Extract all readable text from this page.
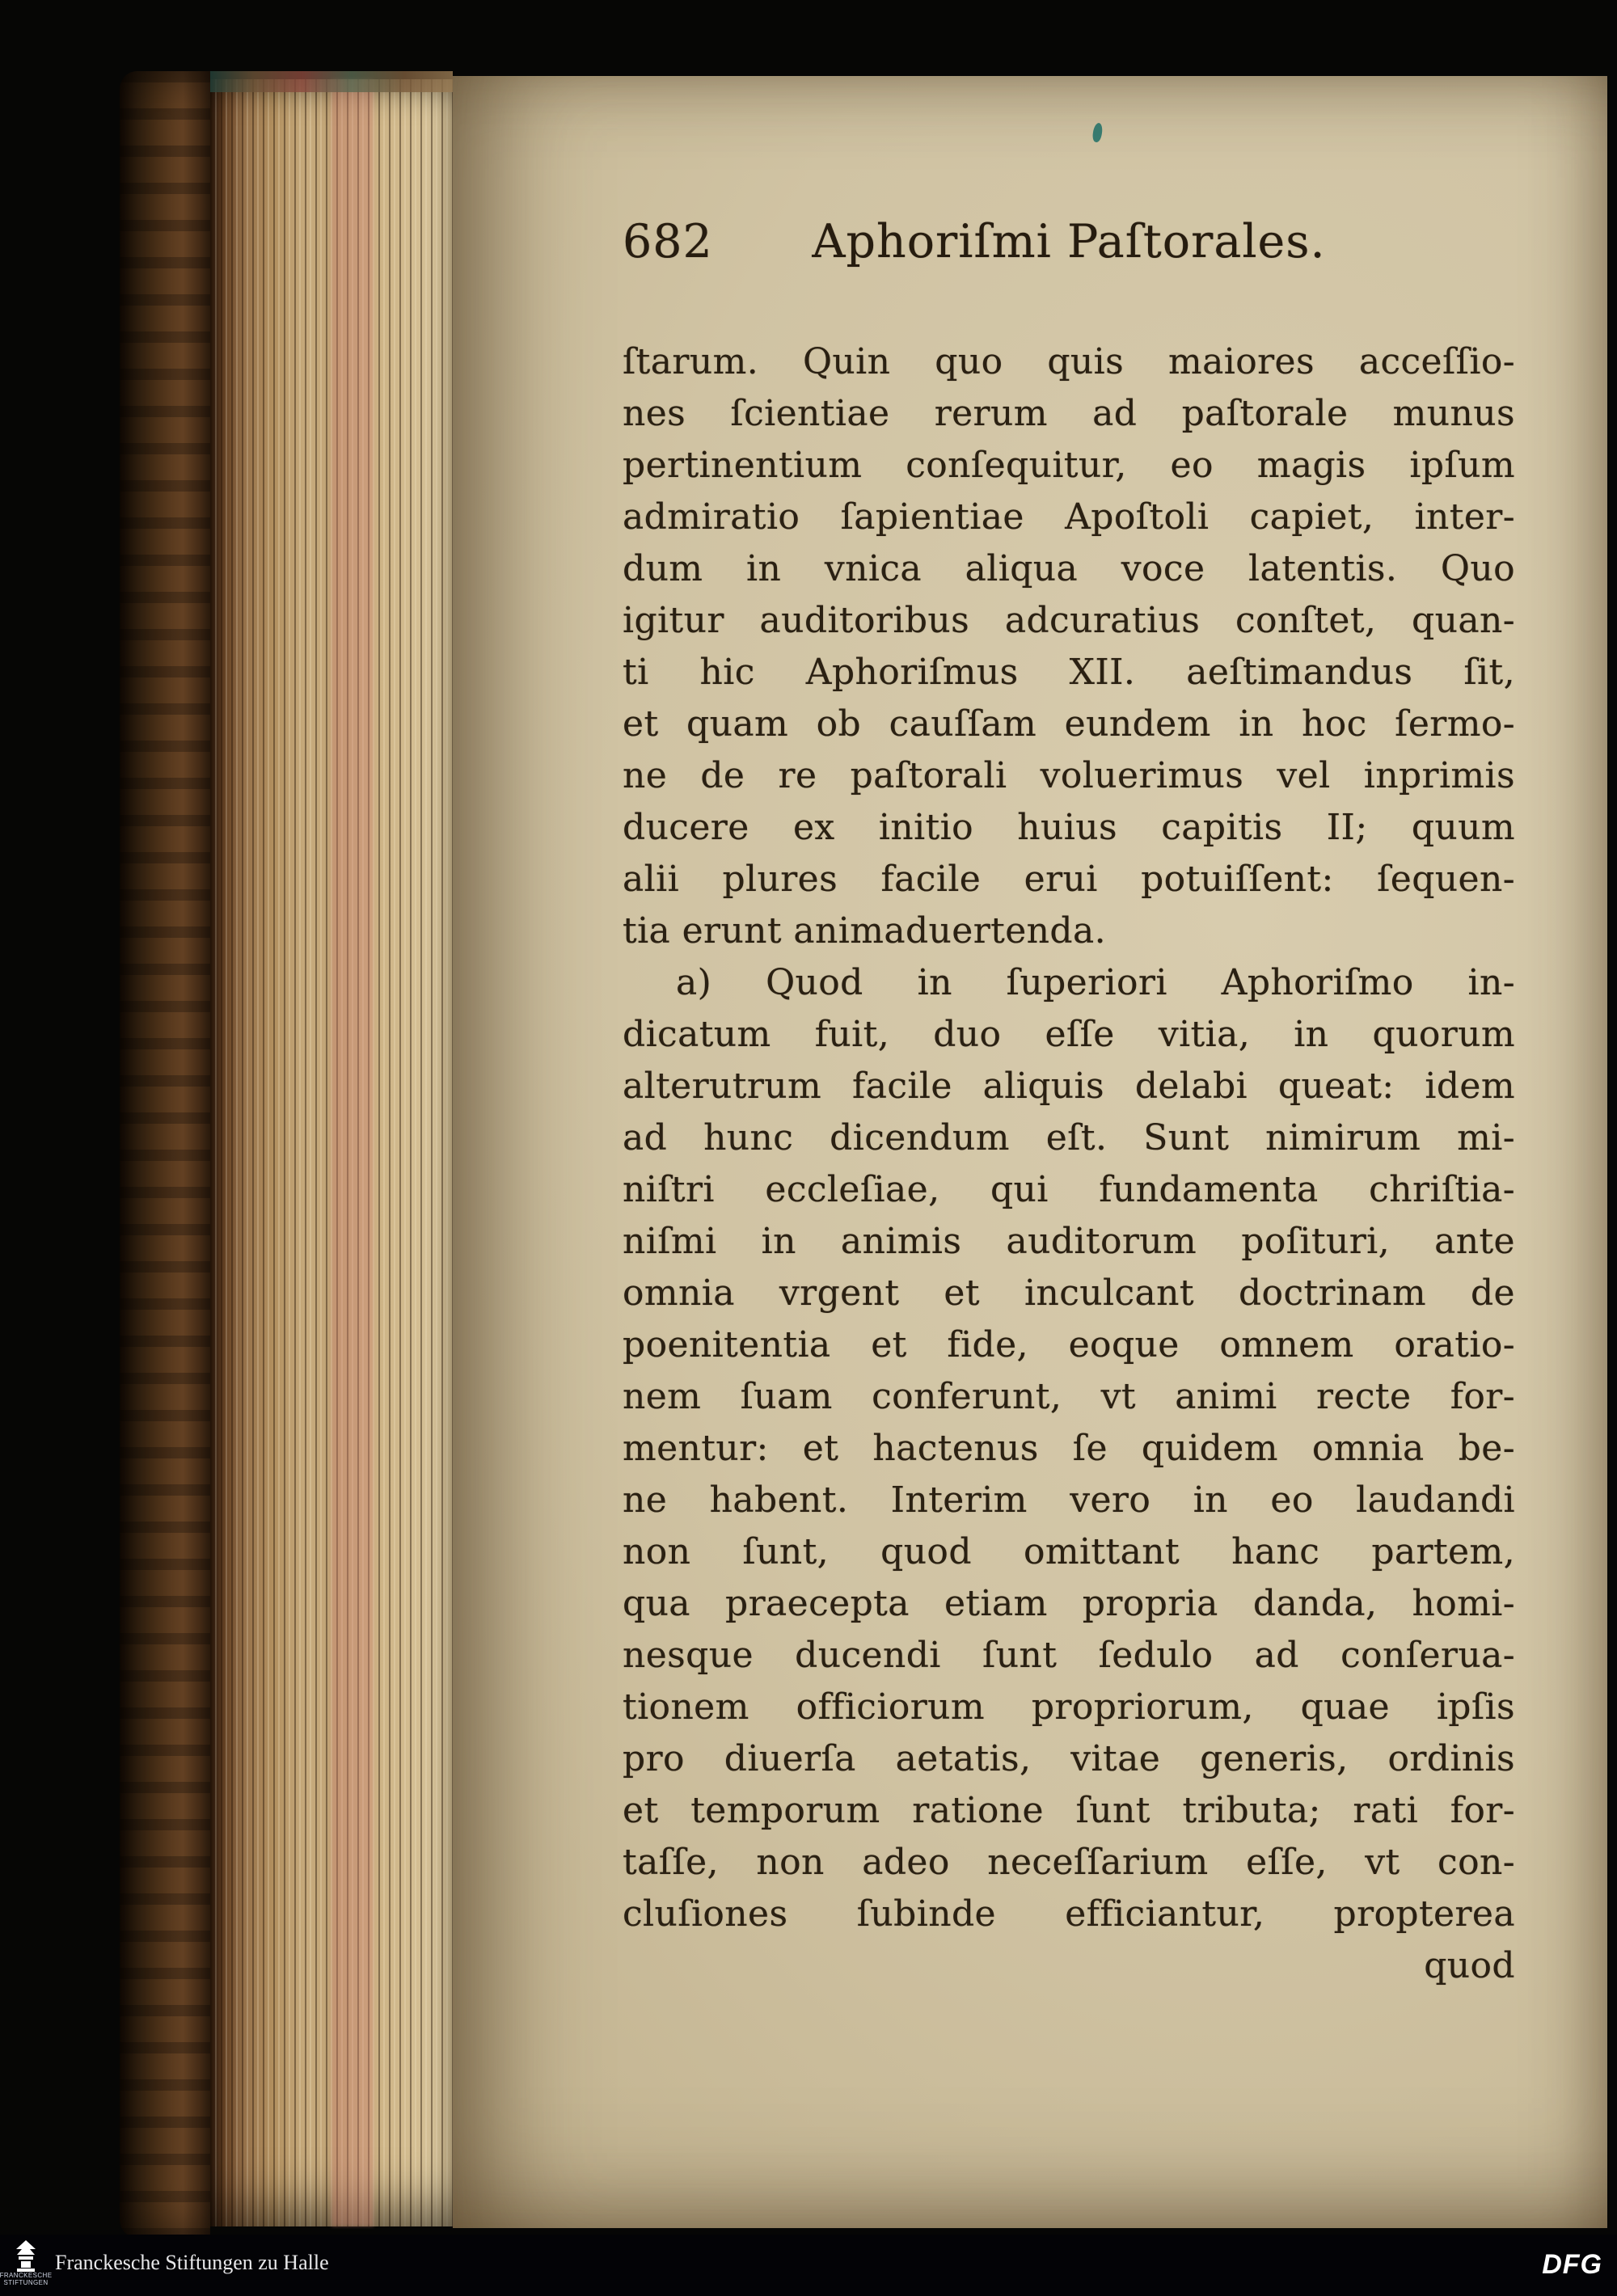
682	Aphoriſmi Paſtorales.
ſtarum. Quin quo quis maiores acceſſio-
nes ſcientiae rerum ad paſtorale munus
pertinentium conſequitur, eo magis ipſum
admiratio ſapientiae Apoſtoli capiet, inter-
dum in vnica aliqua voce latentis. Quo
igitur auditoribus adcuratius conſtet, quan-
ti hic Aphoriſmus XII. aeſtimandus ſit,
et quam ob cauſſam eundem in hoc ſermo-
ne de re paſtorali voluerimus vel inprimis
ducere ex initio huius capitis II; quum
alii plures facile erui potuiſſent: ſequen-
tia erunt animaduertenda.
a) Quod in ſuperiori Aphoriſmo in-
dicatum fuit, duo eſſe vitia, in quorum
alterutrum facile aliquis delabi queat: idem
ad hunc dicendum eſt. Sunt nimirum mi-
niſtri eccleſiae, qui fundamenta chriſtia-
niſmi in animis auditorum poſituri, ante
omnia vrgent et inculcant doctrinam de
poenitentia et fide, eoque omnem oratio-
nem ſuam conferunt, vt animi recte for-
mentur: et hactenus ſe quidem omnia be-
ne habent. Interim vero in eo laudandi
non ſunt, quod omittant hanc partem,
qua praecepta etiam propria danda, homi-
nesque ducendi ſunt ſedulo ad conſerua-
tionem officiorum propriorum, quae ipſis
pro diuerſa aetatis, vitae generis, ordinis
et temporum ratione ſunt tributa; rati for-
taſſe, non adeo neceſſarium eſſe, vt con-
cluſiones ſubinde efficiantur, propterea
quod
FRANCKESCHE STIFTUNGEN
Franckesche Stiftungen zu Halle	DFG
